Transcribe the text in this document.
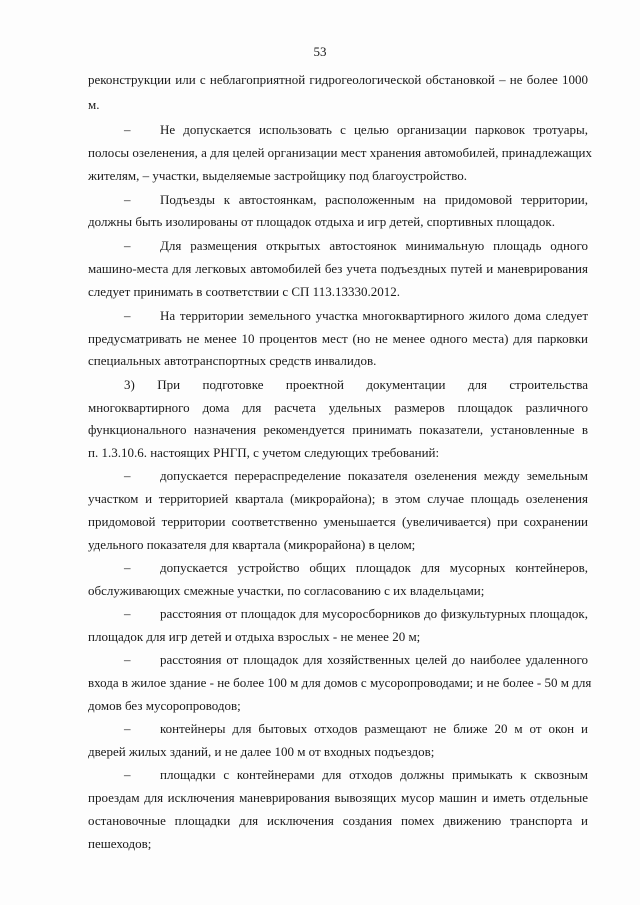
53
реконструкции или с неблагоприятной гидрогеологической обстановкой – не более 1000
м.
– Не допускается использовать с целью организации парковок тротуары,
полосы озеленения, а для целей организации мест хранения автомобилей, принадлежащих
жителям, – участки, выделяемые застройщику под благоустройство.
– Подъезды к автостоянкам, расположенным на придомовой территории,
должны быть изолированы от площадок отдыха и игр детей, спортивных площадок.
– Для размещения открытых автостоянок минимальную площадь одного
машино-места для легковых автомобилей без учета подъездных путей и маневрирования
следует принимать в соответствии с СП 113.13330.2012.
– На территории земельного участка многоквартирного жилого дома следует
предусматривать не менее 10 процентов мест (но не менее одного места) для парковки
специальных автотранспортных средств инвалидов.
3) При подготовке проектной документации для строительства
многоквартирного дома для расчета удельных размеров площадок различного
функционального назначения рекомендуется принимать показатели, установленные в
п. 1.3.10.6. настоящих РНГП, с учетом следующих требований:
– допускается перераспределение показателя озеленения между земельным
участком и территорией квартала (микрорайона); в этом случае площадь озеленения
придомовой территории соответственно уменьшается (увеличивается) при сохранении
удельного показателя для квартала (микрорайона) в целом;
– допускается устройство общих площадок для мусорных контейнеров,
обслуживающих смежные участки, по согласованию с их владельцами;
– расстояния от площадок для мусоросборников до физкультурных площадок,
площадок для игр детей и отдыха взрослых - не менее 20 м;
– расстояния от площадок для хозяйственных целей до наиболее удаленного
входа в жилое здание - не более 100 м для домов с мусоропроводами; и не более - 50 м для
домов без мусоропроводов;
– контейнеры для бытовых отходов размещают не ближе 20 м от окон и
дверей жилых зданий, и не далее 100 м от входных подъездов;
– площадки с контейнерами для отходов должны примыкать к сквозным
проездам для исключения маневрирования вывозящих мусор машин и иметь отдельные
остановочные площадки для исключения создания помех движению транспорта и
пешеходов;
